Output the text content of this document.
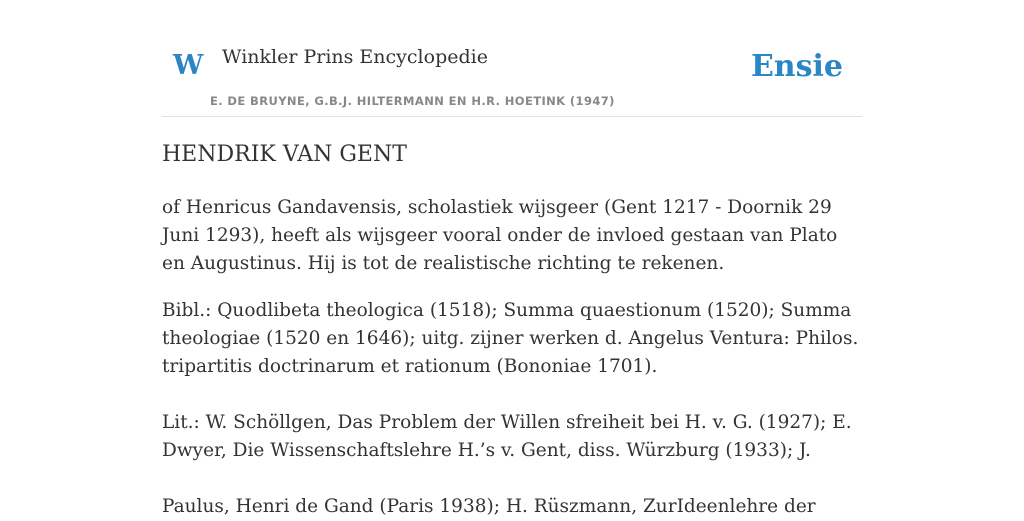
W Winkler Prins Encyclopedie
E. DE BRUYNE, G.B.J. HILTERMANN EN H.R. HOETINK (1947)
Ensie
HENDRIK VAN GENT

of Henricus Gandavensis, scholastiek wijsgeer (Gent 1217 - Doornik 29 Juni 1293), heeft als wijsgeer vooral onder de invloed gestaan van Plato en Augustinus. Hij is tot de realistische richting te rekenen.

Bibl.: Quodlibeta theologica (1518); Summa quaestionum (1520); Summa theologiae (1520 en 1646); uitg. zijner werken d. Angelus Ventura: Philos. tripartitis doctrinarum et rationum (Bononiae 1701).

Lit.: W. Schöllgen, Das Problem der Willen sfreiheit bei H. v. G. (1927); E. Dwyer, Die Wissenschaftslehre H.’s v. Gent, diss. Würzburg (1933); J.

Paulus, Henri de Gand (Paris 1938); H. Rüszmann, ZurIdeenlehre der
